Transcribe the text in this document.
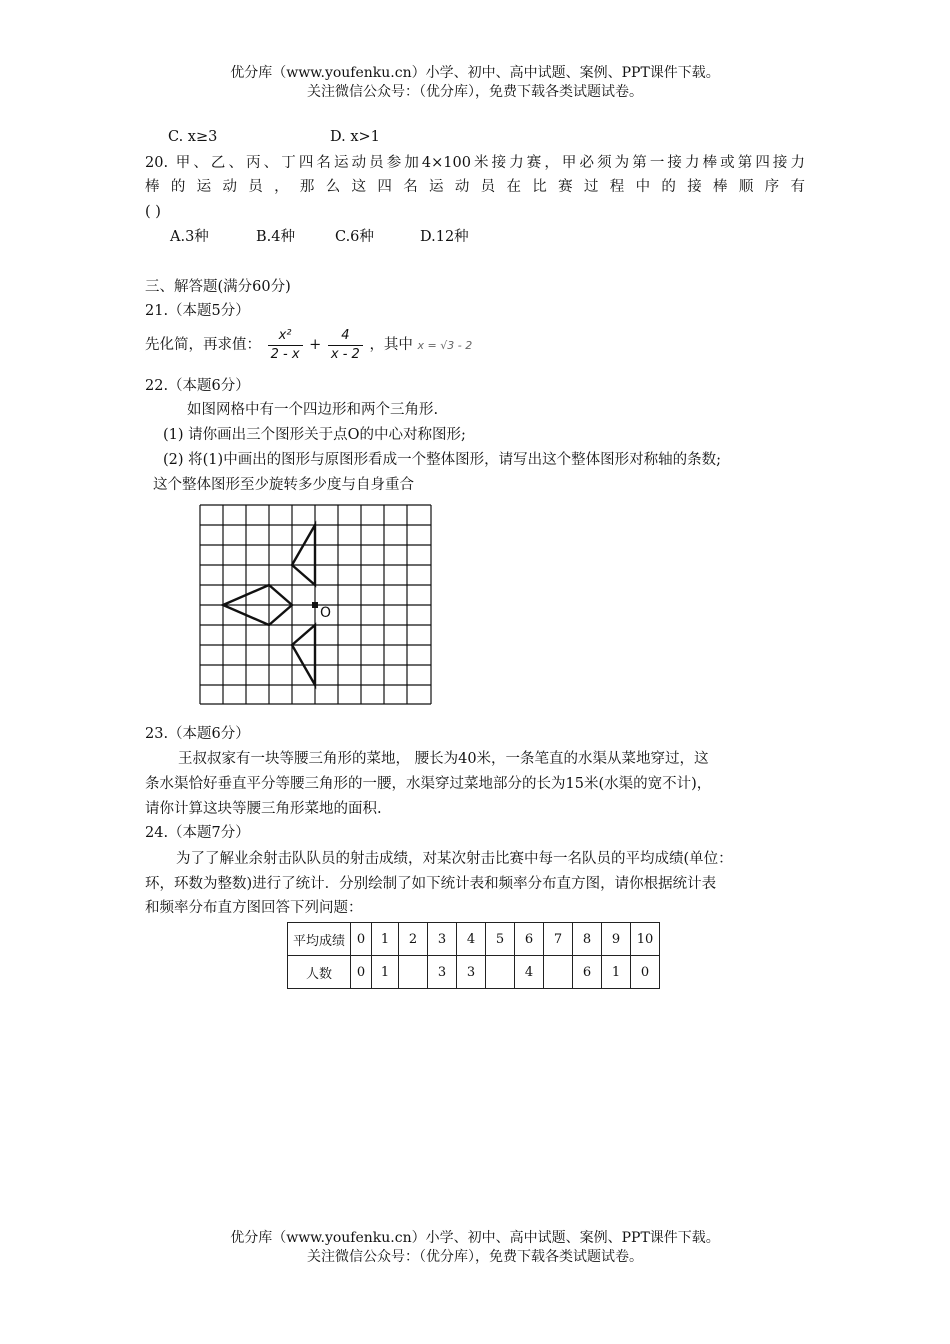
优分库（www.youfenku.cn）小学、初中、高中试题、案例、PPT课件下载。
关注微信公众号：（优分库），免费下载各类试题试卷。
C. x≥3	D. x>1
20. 甲、乙、丙、丁四名运动员参加4×100米接力赛，甲必须为第一接力棒或第四接力
棒 的 运 动 员 ， 那 么 这 四 名 运 动 员 在 比 赛 过 程 中 的 接 棒 顺 序 有
( )
A.3种	B.4种	C.6种	D.12种
三、解答题(满分60分)
21.（本题5分）
先化简，再求值： $\frac{\text{x²}}{2 - x} + \frac{4}{x - 2}$ ，其中 x = √3 - 2
22.（本题6分）
如图网格中有一个四边形和两个三角形.
(1) 请你画出三个图形关于点O的中心对称图形;
(2) 将(1)中画出的图形与原图形看成一个整体图形，请写出这个整体图形对称轴的条数;
这个整体图形至少旋转多少度与自身重合
O
23.（本题6分）
王叔叔家有一块等腰三角形的菜地， 腰长为40米，一条笔直的水渠从菜地穿过，这
条水渠恰好垂直平分等腰三角形的一腰，水渠穿过菜地部分的长为15米(水渠的宽不计)，
请你计算这块等腰三角形菜地的面积.
24.（本题7分）
为了了解业余射击队队员的射击成绩，对某次射击比赛中每一名队员的平均成绩(单位：
环，环数为整数)进行了统计．分别绘制了如下统计表和频率分布直方图，请你根据统计表
和频率分布直方图回答下列问题：
平均成绩	0	1	2	3	4	5	6	7	8	9	10
人数	0	1		3	3		4		6	1	0
优分库（www.youfenku.cn）小学、初中、高中试题、案例、PPT课件下载。
关注微信公众号：（优分库），免费下载各类试题试卷。
